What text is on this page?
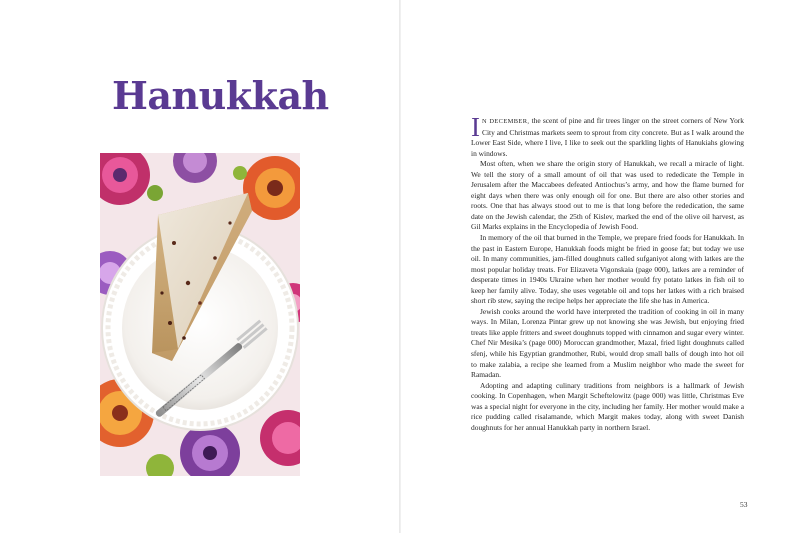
Hanukkah

I N DECEMBER, the scent of pine and fir trees linger on the street corners of New York City and Christmas markets seem to sprout from city concrete. But as I walk around the Lower East Side, where I live, I like to seek out the sparkling lights of Hanukiahs glowing in windows.

Most often, when we share the origin story of Hanukkah, we recall a miracle of light. We tell the story of a small amount of oil that was used to rededicate the Temple in Jerusalem after the Maccabees defeated Antiochus’s army, and how the flame burned for eight days when there was only enough oil for one. But there are also other stories and roots. One that has always stood out to me is that long before the rededication, the same date on the Jewish calendar, the 25th of Kislev, marked the end of the olive oil harvest, as Gil Marks explains in the Encyclopedia of Jewish Food.

In memory of the oil that burned in the Temple, we prepare fried foods for Hanukkah. In the past in Eastern Europe, Hanukkah foods might be fried in goose fat; but today we use oil. In many communities, jam-filled doughnuts called sufganiyot along with latkes are the most popular holiday treats. For Elizaveta Vigonskaia (page 000), latkes are a reminder of desperate times in 1940s Ukraine when her mother would fry potato latkes in fish oil to keep her family alive. Today, she uses vegetable oil and tops her latkes with a rich braised short rib stew, saying the recipe helps her appreciate the life she has in America.

Jewish cooks around the world have interpreted the tradition of cooking in oil in many ways. In Milan, Lorenza Pintar grew up not knowing she was Jewish, but enjoying fried treats like apple fritters and sweet doughnuts topped with cinnamon and sugar every winter. Chef Nir Mesika’s (page 000) Moroccan grandmother, Mazal, fried light doughnuts called sfenj, while his Egyptian grandmother, Rubi, would drop small balls of dough into hot oil to make zalabia, a recipe she learned from a Muslim neighbor who made the sweet for Ramadan.

Adopting and adapting culinary traditions from neighbors is a hallmark of Jewish cooking. In Copenhagen, when Margit Scheftelowitz (page 000) was little, Christmas Eve was a special night for everyone in the city, including her family. Her mother would make a rice pudding called risalamande, which Margit makes today, along with sweet Danish doughnuts for her annual Hanukkah party in northern Israel.

53
